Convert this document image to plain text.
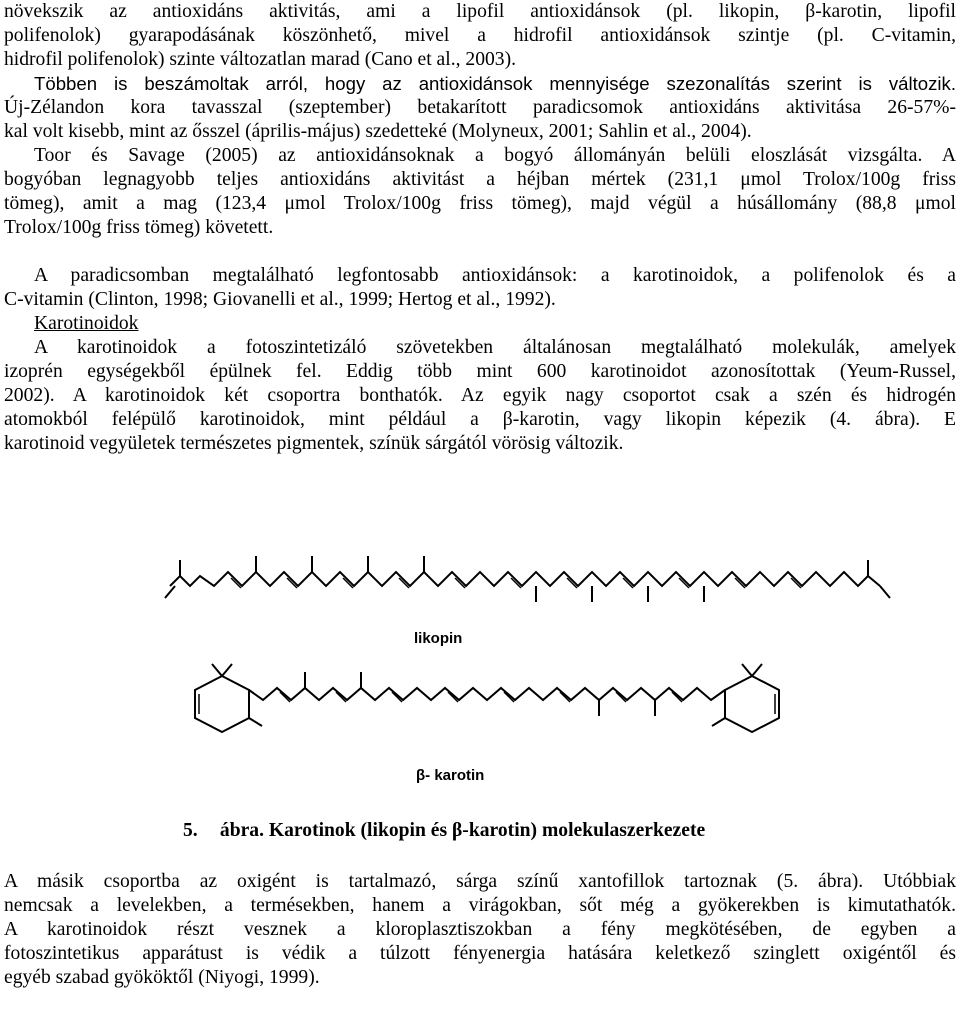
növekszik az antioxidáns aktivitás, ami a lipofil antioxidánsok (pl. likopin, β-karotin, lipofil
polifenolok) gyarapodásának köszönhető, mivel a hidrofil antioxidánsok szintje (pl. C-vitamin,
hidrofil polifenolok) szinte változatlan marad (Cano et al., 2003).
Többen is beszámoltak arról, hogy az antioxidánsok mennyisége szezonalítás szerint is változik.
Új-Zélandon kora tavasszal (szeptember) betakarított paradicsomok antioxidáns aktivitása 26-57%-
kal volt kisebb, mint az ősszel (április-május) szedetteké (Molyneux, 2001; Sahlin et al., 2004).
Toor és Savage (2005) az antioxidánsoknak a bogyó állományán belüli eloszlását vizsgálta. A
bogyóban legnagyobb teljes antioxidáns aktivitást a héjban mértek (231,1 μmol Trolox/100g friss
tömeg), amit a mag (123,4 μmol Trolox/100g friss tömeg), majd végül a húsállomány (88,8 μmol
Trolox/100g friss tömeg) követett.
A paradicsomban megtalálható legfontosabb antioxidánsok: a karotinoidok, a polifenolok és a
C-vitamin (Clinton, 1998; Giovanelli et al., 1999; Hertog et al., 1992).
Karotinoidok
A karotinoidok a fotoszintetizáló szövetekben általánosan megtalálható molekulák, amelyek
izoprén egységekből épülnek fel. Eddig több mint 600 karotinoidot azonosítottak (Yeum-Russel,
2002). A karotinoidok két csoportra bonthatók. Az egyik nagy csoportot csak a szén és hidrogén
atomokból felépülő karotinoidok, mint például a β-karotin, vagy likopin képezik (4. ábra). E
karotinoid vegyületek természetes pigmentek, színük sárgától vörösig változik.
A másik csoportba az oxigént is tartalmazó, sárga színű xantofillok tartoznak (5. ábra). Utóbbiak
nemcsak a levelekben, a termésekben, hanem a virágokban, sőt még a gyökerekben is kimutathatók.
A karotinoidok részt vesznek a kloroplasztiszokban a fény megkötésében, de egyben a
fotoszintetikus apparátust is védik a túlzott fényenergia hatására keletkező szinglett oxigéntől és
egyéb szabad gyököktől (Niyogi, 1999).
likopin
β- karotin
5. ábra. Karotinok (likopin és β-karotin) molekulaszerkezete
